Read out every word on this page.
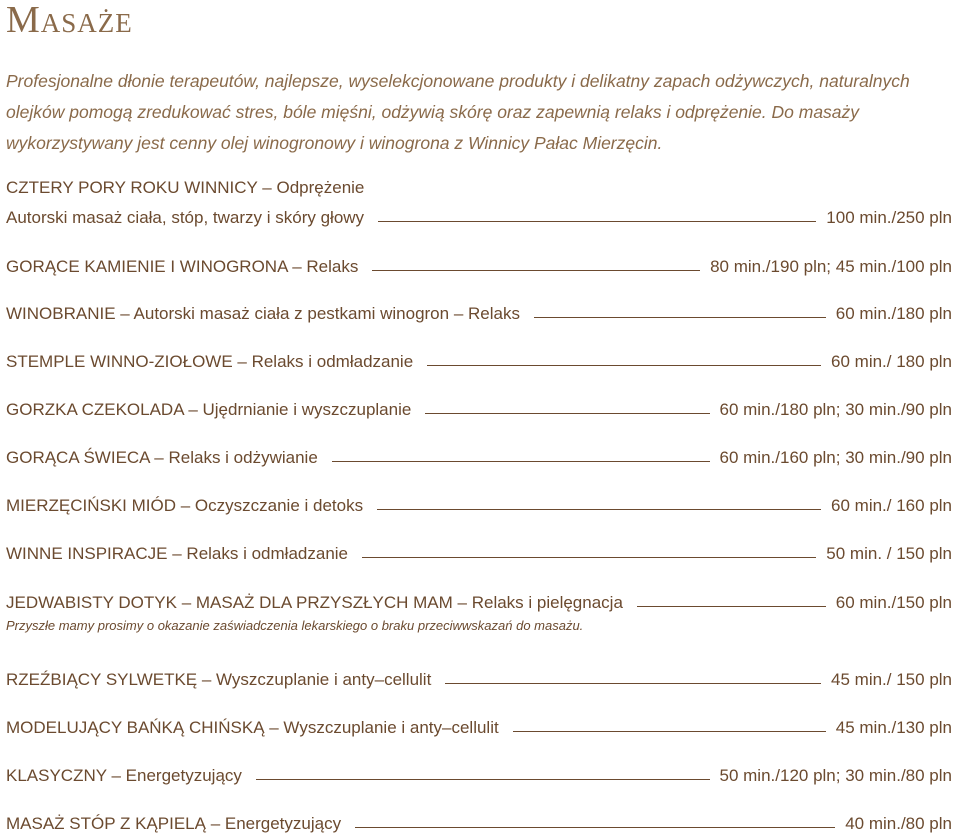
Masaże
Profesjonalne dłonie terapeutów, najlepsze, wyselekcjonowane produkty i delikatny zapach odżywczych, naturalnych olejków pomogą zredukować stres, bóle mięśni, odżywią skórę oraz zapewnią relaks i odprężenie. Do masaży wykorzystywany jest cenny olej winogronowy i winogrona z Winnicy Pałac Mierzęcin.
CZTERY PORY ROKU WINNICY – Odprężenie
Autorski masaż ciała, stóp, twarzy i skóry głowy	100 min./250 pln
GORĄCE KAMIENIE I WINOGRONA – Relaks	80 min./190 pln; 45 min./100 pln
WINOBRANIE – Autorski masaż ciała z pestkami winogron – Relaks	60 min./180 pln
STEMPLE WINNO-ZIOŁOWE – Relaks i odmładzanie	60 min./ 180 pln
GORZKA CZEKOLADA – Ujędrnianie i wyszczuplanie	60 min./180 pln; 30 min./90 pln
GORĄCA ŚWIECA – Relaks i odżywianie	60 min./160 pln; 30 min./90 pln
MIERZĘCIŃSKI MIÓD – Oczyszczanie i detoks	60 min./ 160 pln
WINNE INSPIRACJE – Relaks i odmładzanie	50 min. / 150 pln
JEDWABISTY DOTYK – MASAŻ DLA PRZYSZŁYCH MAM – Relaks i pielęgnacja	60 min./150 pln
Przyszłe mamy prosimy o okazanie zaświadczenia lekarskiego o braku przeciwwskazań do masażu.
RZEŹBIĄCY SYLWETKĘ – Wyszczuplanie i anty–cellulit	45 min./ 150 pln
MODELUJĄCY BAŃKĄ CHIŃSKĄ – Wyszczuplanie i anty–cellulit	45 min./130 pln
KLASYCZNY – Energetyzujący	50 min./120 pln; 30 min./80 pln
MASAŻ STÓP Z KĄPIELĄ – Energetyzujący	40 min./80 pln
